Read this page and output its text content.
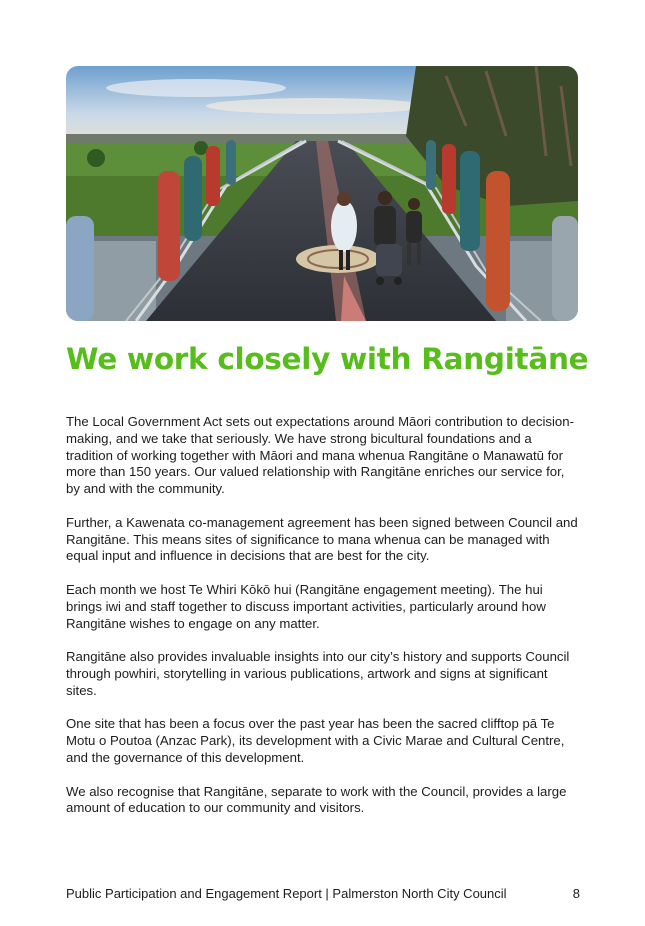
We work closely with Rangitāne

The Local Government Act sets out expectations around Māori contribution to decision-making, and we take that seriously. We have strong bicultural foundations and a tradition of working together with Māori and mana whenua Rangitāne o Manawatū for more than 150 years. Our valued relationship with Rangitāne enriches our service for, by and with the community.

Further, a Kawenata co-management agreement has been signed between Council and Rangitāne. This means sites of significance to mana whenua can be managed with equal input and influence in decisions that are best for the city.

Each month we host Te Whiri Kōkō hui (Rangitāne engagement meeting). The hui brings iwi and staff together to discuss important activities, particularly around how Rangitāne wishes to engage on any matter.

Rangitāne also provides invaluable insights into our city’s history and supports Council through powhiri, storytelling in various publications, artwork and signs at significant sites.

One site that has been a focus over the past year has been the sacred clifftop pā Te Motu o Poutoa (Anzac Park), its development with a Civic Marae and Cultural Centre, and the governance of this development.

We also recognise that Rangitāne, separate to work with the Council, provides a large amount of education to our community and visitors.

Public Participation and Engagement Report | Palmerston North City Council	8
